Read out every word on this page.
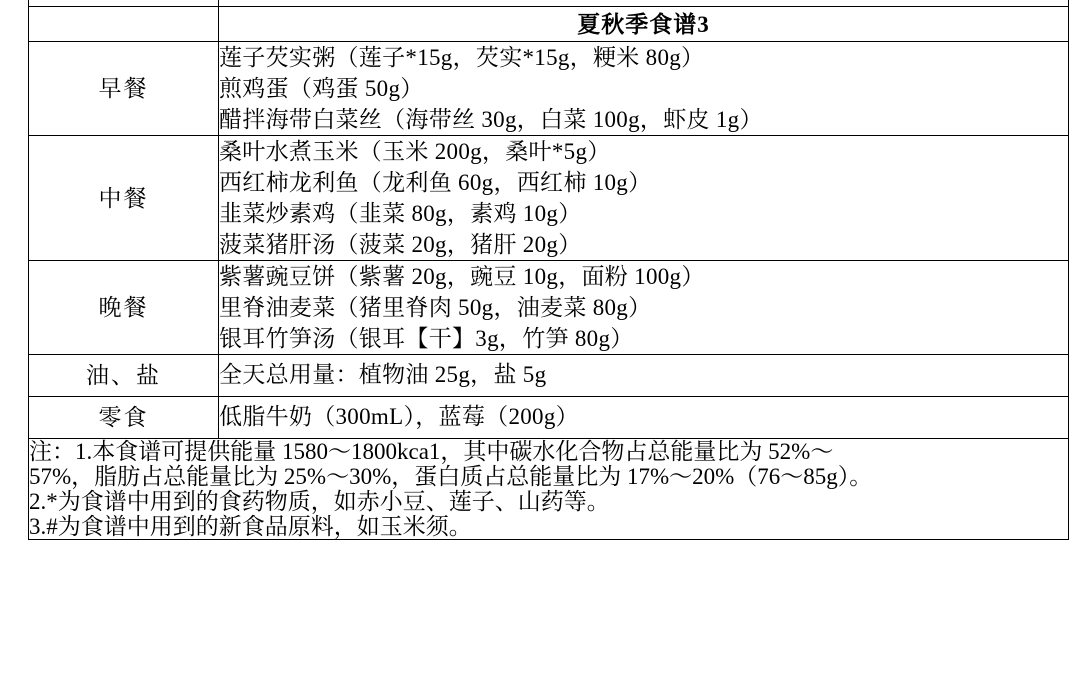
	夏秋季食谱3
早餐	莲子芡实粥（莲子*15g，芡实*15g，粳米 80g）
煎鸡蛋（鸡蛋 50g）
醋拌海带白菜丝（海带丝 30g，白菜 100g，虾皮 1g）

中餐	桑叶水煮玉米（玉米 200g，桑叶*5g）
西红柿龙利鱼（龙利鱼 60g，西红柿 10g）
韭菜炒素鸡（韭菜 80g，素鸡 10g）
菠菜猪肝汤（菠菜 20g，猪肝 20g）

晚餐	紫薯豌豆饼（紫薯 20g，豌豆 10g，面粉 100g）
里脊油麦菜（猪里脊肉 50g，油麦菜 80g）
银耳竹笋汤（银耳【干】3g，竹笋 80g）

油、盐	全天总用量：植物油 25g，盐 5g

零食	低脂牛奶（300mL），蓝莓（200g）

注：1.本食谱可提供能量 1580～1800kca1，其中碳水化合物占总能量比为 52%～
57%，脂肪占总能量比为 25%～30%，蛋白质占总能量比为 17%～20%（76～85g）。
2.*为食谱中用到的食药物质，如赤小豆、莲子、山药等。
3.#为食谱中用到的新食品原料，如玉米须。	
